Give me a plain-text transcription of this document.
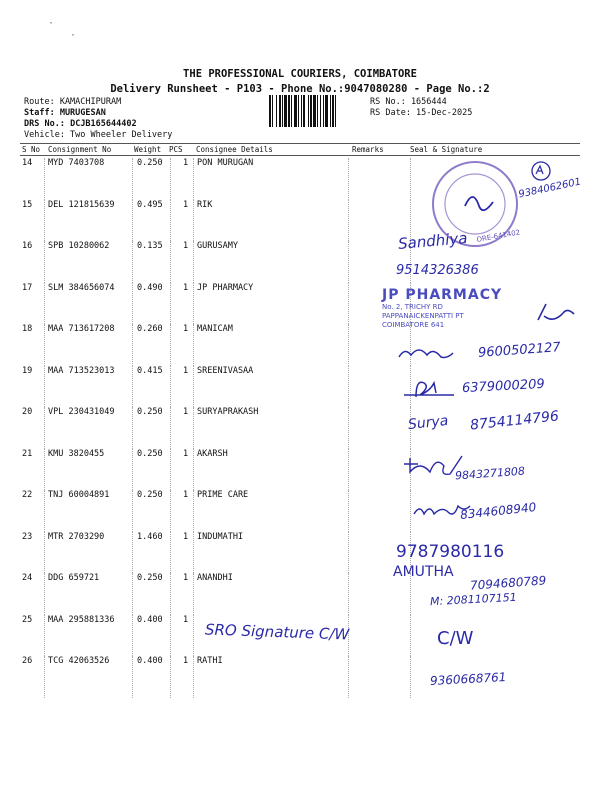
·
·
THE PROFESSIONAL COURIERS, COIMBATORE
Delivery Runsheet - P103 - Phone No.:9047080280 - Page No.:2
Route: KAMACHIPURAM
Staff: MURUGESAN
DRS No.: DCJB165644402
Vehicle: Two Wheeler Delivery
RS No.: 1656444
RS Date: 15-Dec-2025
S No Consignment No	Weight PCS Consignee Details	Remarks	Seal & Signature
14 MYD 7403708	0.250 1 PON MURUGAN
15 DEL 121815639	0.495 1 RIK
16 SPB 10280062	0.135 1 GURUSAMY
17 SLM 384656074	0.490 1 JP PHARMACY
18 MAA 713617208	0.260 1 MANICAM
19 MAA 713523013	0.415 1 SREENIVASAA
20 VPL 230431049	0.250 1 SURYAPRAKASH
21 KMU 3820455	0.250 1 AKARSH
22 TNJ 60004891	0.250 1 PRIME CARE
23 MTR 2703290	1.460 1 INDUMATHI
24 DDG 659721	0.250 1 ANANDHI
25 MAA 295881336	0.400 1
26 TCG 42063526	0.400 1 RATHI
ORE-641402
9384062601
Sandhiya
9514326386
JP PHARMACY
No. 2, TRICHY RD
PAPPANAICKENPATTI PT
COIMBATORE 641
9600502127
6379000209
Surya 8754114796
9843271808
8344608940
9787980116
AMUTHA
7094680789
M: 2081107151
SRO Signature C/W	C/W
9360668761
